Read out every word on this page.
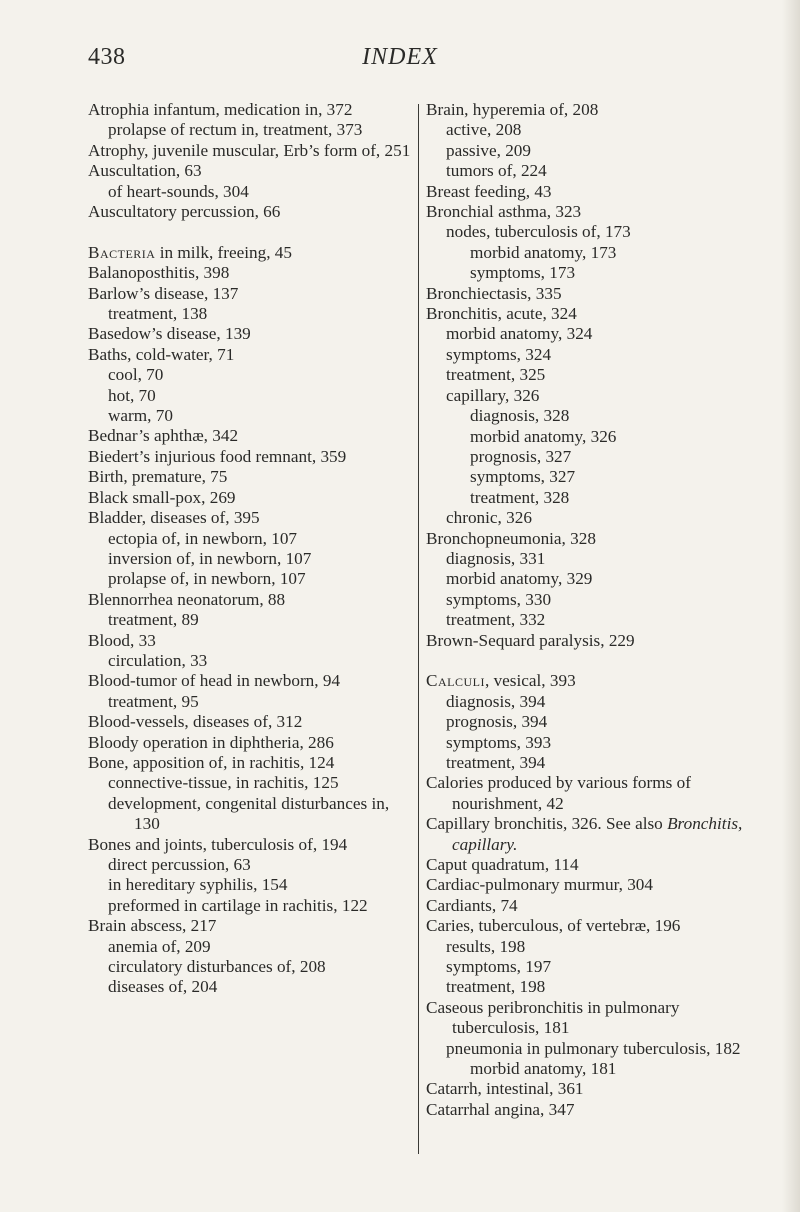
438	INDEX

Atrophia infantum, medication in, 372

prolapse of rectum in, treatment, 373

Atrophy, juvenile muscular, Erb’s form of, 251

Auscultation, 63

of heart-sounds, 304

Auscultatory percussion, 66

Bacteria in milk, freeing, 45

Balanoposthitis, 398

Barlow’s disease, 137

treatment, 138

Basedow’s disease, 139

Baths, cold-water, 71

cool, 70

hot, 70

warm, 70

Bednar’s aphthæ, 342

Biedert’s injurious food remnant, 359

Birth, premature, 75

Black small-pox, 269

Bladder, diseases of, 395

ectopia of, in newborn, 107

inversion of, in newborn, 107

prolapse of, in newborn, 107

Blennorrhea neonatorum, 88

treatment, 89

Blood, 33

circulation, 33

Blood-tumor of head in newborn, 94

treatment, 95

Blood-vessels, diseases of, 312

Bloody operation in diphtheria, 286

Bone, apposition of, in rachitis, 124

connective-tissue, in rachitis, 125

development, congenital disturbances in, 130

Bones and joints, tuberculosis of, 194

direct percussion, 63

in hereditary syphilis, 154

preformed in cartilage in rachitis, 122

Brain abscess, 217

anemia of, 209

circulatory disturbances of, 208

diseases of, 204

Brain, hyperemia of, 208

active, 208

passive, 209

tumors of, 224

Breast feeding, 43

Bronchial asthma, 323

nodes, tuberculosis of, 173

morbid anatomy, 173

symptoms, 173

Bronchiectasis, 335

Bronchitis, acute, 324

morbid anatomy, 324

symptoms, 324

treatment, 325

capillary, 326

diagnosis, 328

morbid anatomy, 326

prognosis, 327

symptoms, 327

treatment, 328

chronic, 326

Bronchopneumonia, 328

diagnosis, 331

morbid anatomy, 329

symptoms, 330

treatment, 332

Brown-Sequard paralysis, 229

Calculi, vesical, 393

diagnosis, 394

prognosis, 394

symptoms, 393

treatment, 394

Calories produced by various forms of nourishment, 42

Capillary bronchitis, 326. See also Bronchitis, capillary.

Caput quadratum, 114

Cardiac-pulmonary murmur, 304

Cardiants, 74

Caries, tuberculous, of vertebræ, 196

results, 198

symptoms, 197

treatment, 198

Caseous peribronchitis in pulmonary tuberculosis, 181

pneumonia in pulmonary tuberculosis, 182

morbid anatomy, 181

Catarrh, intestinal, 361

Catarrhal angina, 347
